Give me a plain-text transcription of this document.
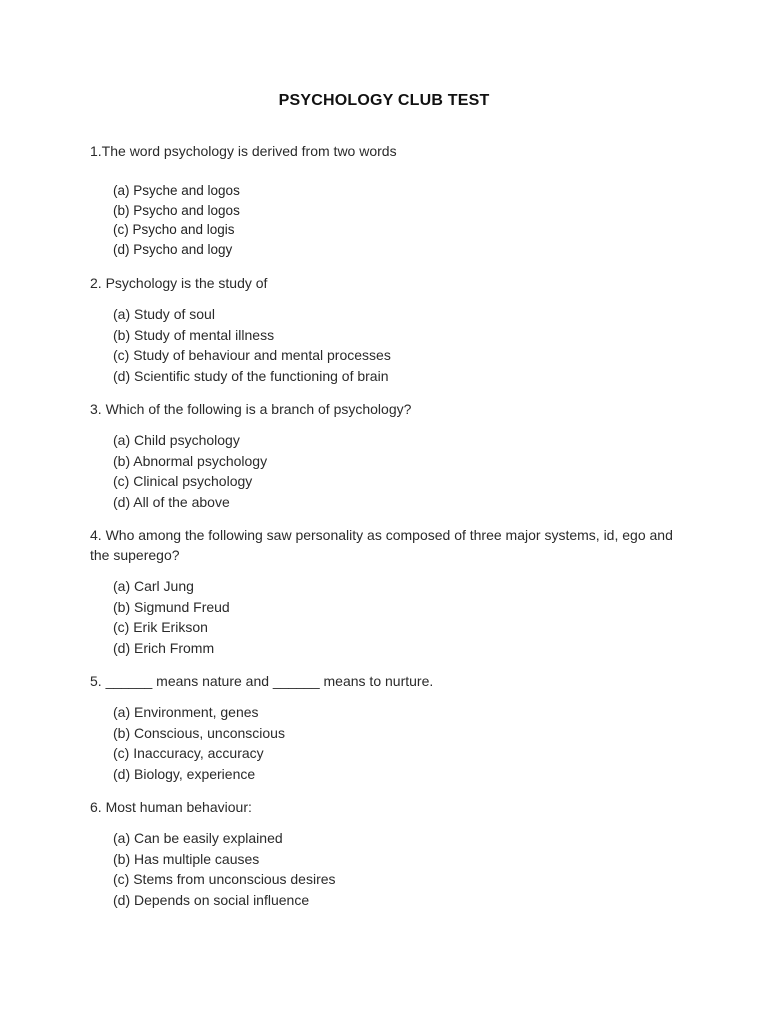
PSYCHOLOGY CLUB TEST
1.The word psychology is derived from two words
(a) Psyche and logos
(b) Psycho and logos
(c) Psycho and logis
(d) Psycho and logy
2. Psychology is the study of
(a) Study of soul
(b) Study of mental illness
(c) Study of behaviour and mental processes
(d) Scientific study of the functioning of brain
3. Which of the following is a branch of psychology?
(a) Child psychology
(b) Abnormal psychology
(c) Clinical psychology
(d) All of the above
4. Who among the following saw personality as composed of three major systems, id, ego and the superego?
(a) Carl Jung
(b) Sigmund Freud
(c) Erik Erikson
(d) Erich Fromm
5. ______ means nature and ______ means to nurture.
(a) Environment, genes
(b) Conscious, unconscious
(c) Inaccuracy, accuracy
(d) Biology, experience
6. Most human behaviour:
(a) Can be easily explained
(b) Has multiple causes
(c) Stems from unconscious desires
(d) Depends on social influence
